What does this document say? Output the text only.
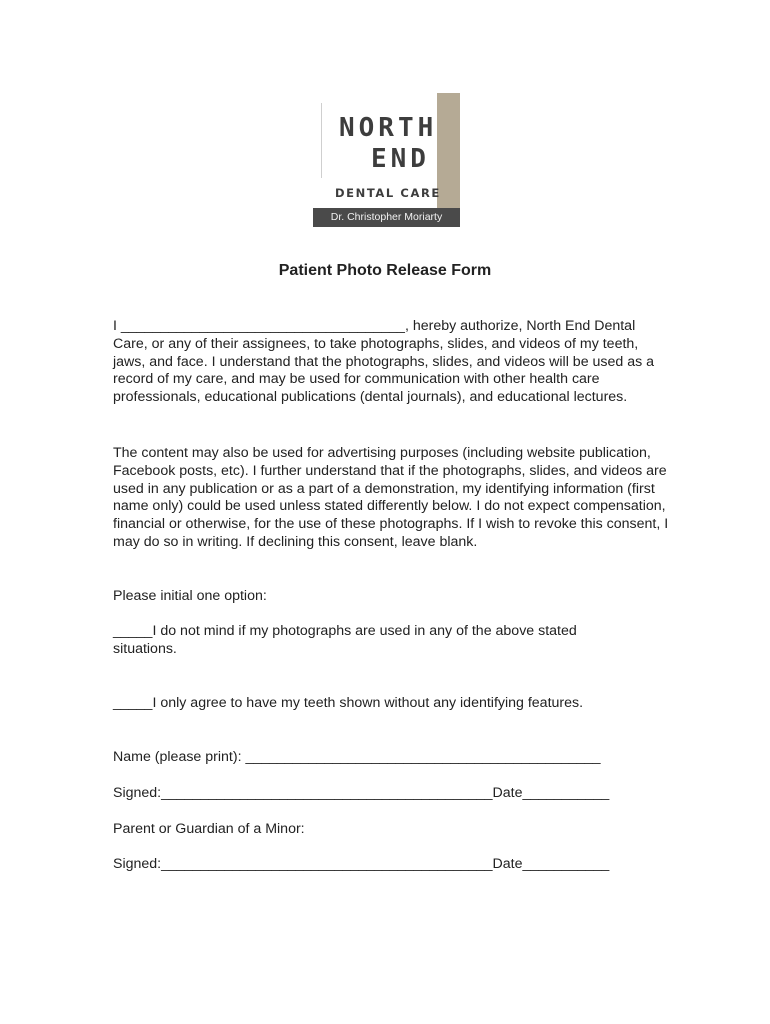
NORTH
END
DENTAL CARE
Dr. Christopher Moriarty
Patient Photo Release Form

I ____________________________________, hereby authorize, North End Dental Care, or any of their assignees, to take photographs, slides, and videos of my teeth, jaws, and face. I understand that the photographs, slides, and videos will be used as a record of my care, and may be used for communication with other health care professionals, educational publications (dental journals), and educational lectures.

The content may also be used for advertising purposes (including website publication, Facebook posts, etc). I further understand that if the photographs, slides, and videos are used in any publication or as a part of a demonstration, my identifying information (first name only) could be used unless stated differently below. I do not expect compensation, financial or otherwise, for the use of these photographs. If I wish to revoke this consent, I may do so in writing. If declining this consent, leave blank.

Please initial one option:

_____I do not mind if my photographs are used in any of the above stated situations.

_____I only agree to have my teeth shown without any identifying features.

Name (please print): _____________________________________________

Signed:__________________________________________Date___________

Parent or Guardian of a Minor:

Signed:__________________________________________Date___________
